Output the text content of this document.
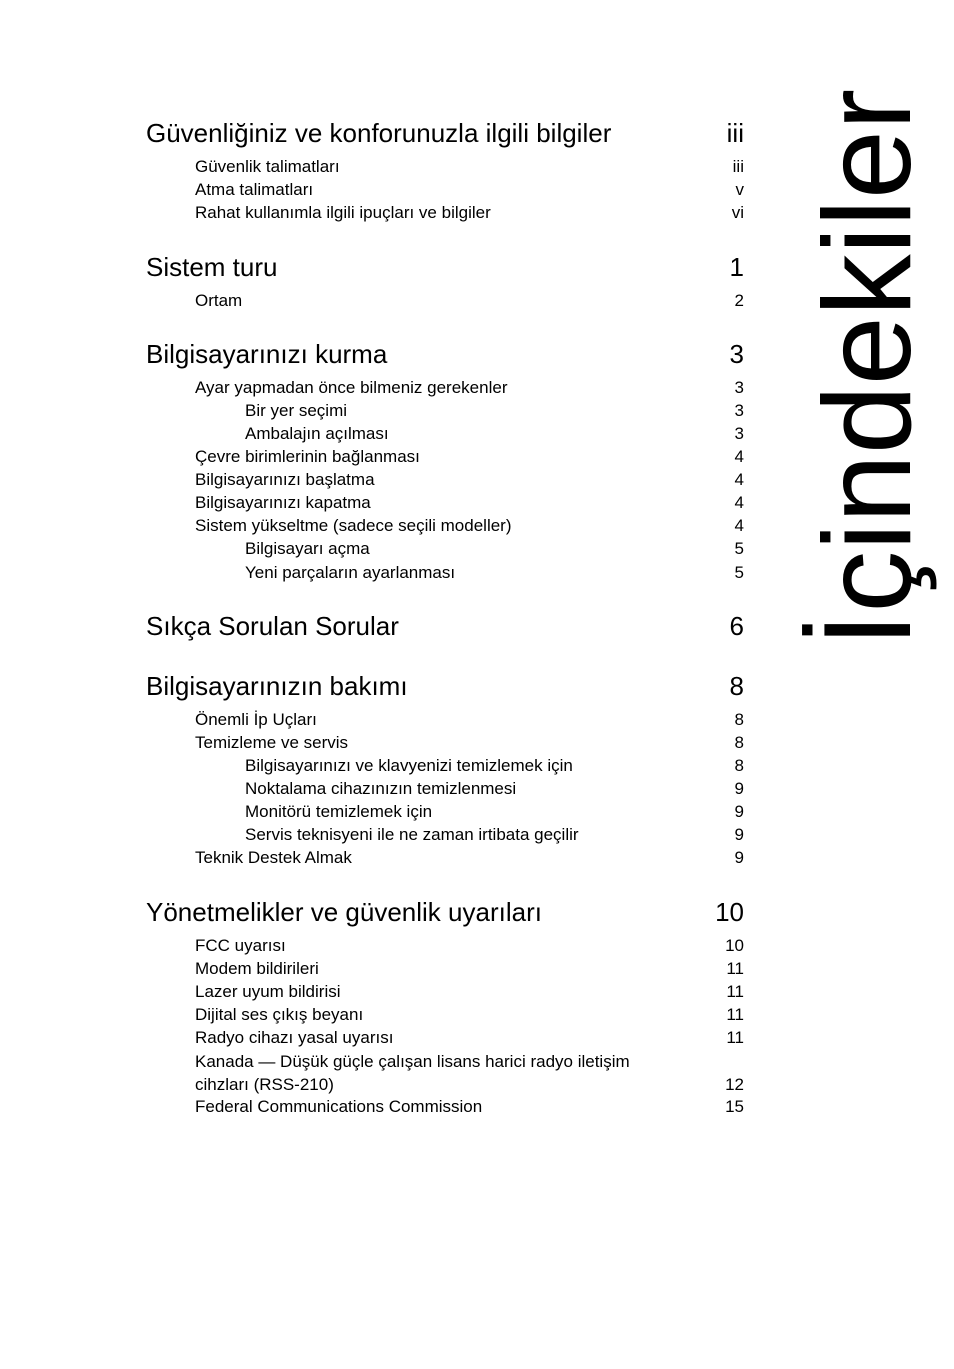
Güvenliğiniz ve konforunuzla ilgili bilgiler	iii
Güvenlik talimatları	iii
Atma talimatları	v
Rahat kullanımla ilgili ipuçları ve bilgiler	vi
Sistem turu	1
Ortam	2
Bilgisayarınızı kurma	3
Ayar yapmadan önce bilmeniz gerekenler	3
Bir yer seçimi	3
Ambalajın açılması	3
Çevre birimlerinin bağlanması	4
Bilgisayarınızı başlatma	4
Bilgisayarınızı kapatma	4
Sistem yükseltme (sadece seçili modeller)	4
Bilgisayarı açma	5
Yeni parçaların ayarlanması	5
Sıkça Sorulan Sorular	6
Bilgisayarınızın bakımı	8
Önemli İp Uçları	8
Temizleme ve servis	8
Bilgisayarınızı ve klavyenizi temizlemek için	8
Noktalama cihazınızın temizlenmesi	9
Monitörü temizlemek için	9
Servis teknisyeni ile ne zaman irtibata geçilir	9
Teknik Destek Almak	9
Yönetmelikler ve güvenlik uyarıları	10
FCC uyarısı	10
Modem bildirileri	11
Lazer uyum bildirisi	11
Dijital ses çıkış beyanı	11
Radyo cihazı yasal uyarısı	11
Kanada — Düşük güçle çalışan lisans harici radyo iletişim cihzları (RSS-210)	12
Federal Communications Commission	15
İçindekiler
